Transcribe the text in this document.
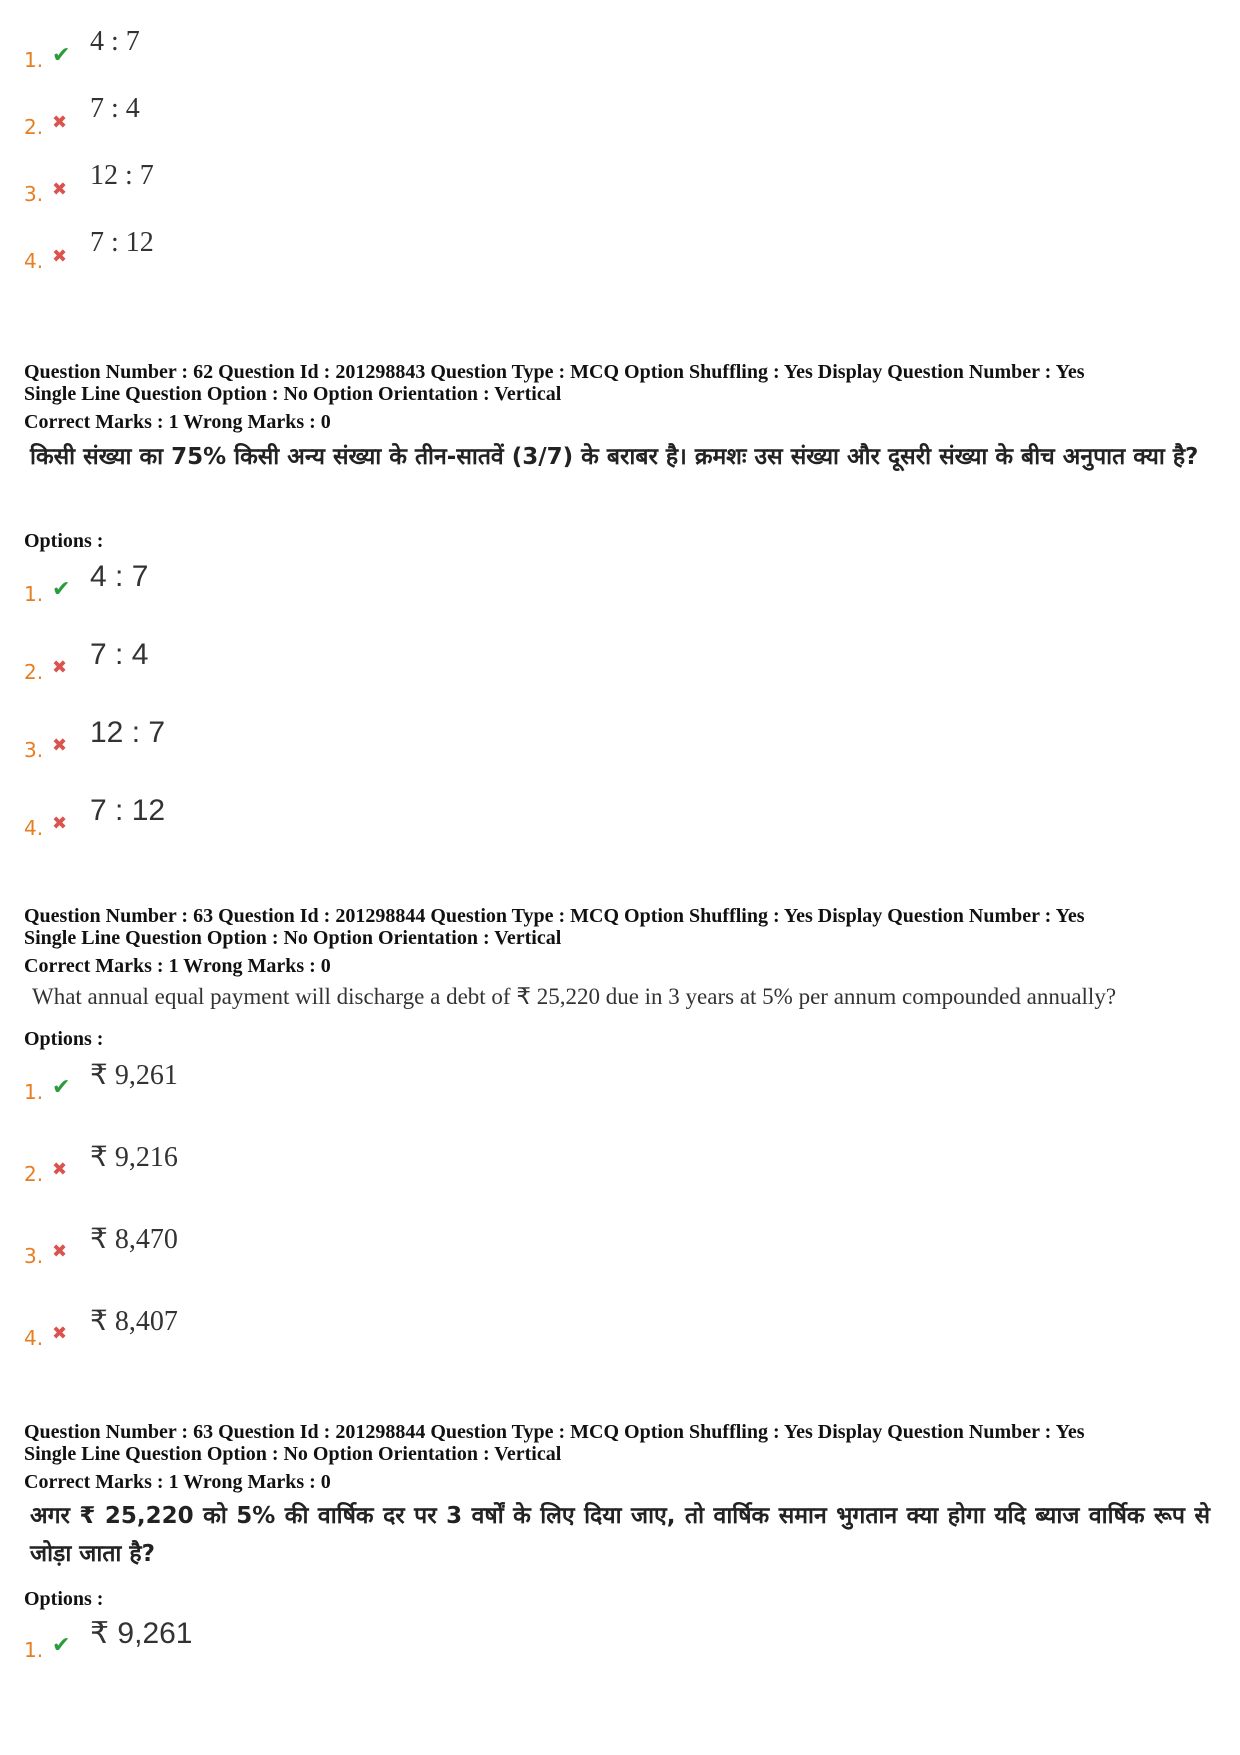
1. ✔ 4 : 7
2. ✖ 7 : 4
3. ✖ 12 : 7
4. ✖ 7 : 12
Question Number : 62 Question Id : 201298843 Question Type : MCQ Option Shuffling : Yes Display Question Number : Yes
Single Line Question Option : No Option Orientation : Vertical
Correct Marks : 1 Wrong Marks : 0
किसी संख्या का 75% किसी अन्य संख्या के तीन-सातवें (3/7) के बराबर है। क्रमशः उस संख्या और दूसरी संख्या के बीच अनुपात क्या है?
Options :
1. ✔ 4 : 7
2. ✖ 7 : 4
3. ✖ 12 : 7
4. ✖ 7 : 12
Question Number : 63 Question Id : 201298844 Question Type : MCQ Option Shuffling : Yes Display Question Number : Yes
Single Line Question Option : No Option Orientation : Vertical
Correct Marks : 1 Wrong Marks : 0
What annual equal payment will discharge a debt of ₹ 25,220 due in 3 years at 5% per annum compounded annually?
Options :
1. ✔ ₹ 9,261
2. ✖ ₹ 9,216
3. ✖ ₹ 8,470
4. ✖ ₹ 8,407
Question Number : 63 Question Id : 201298844 Question Type : MCQ Option Shuffling : Yes Display Question Number : Yes
Single Line Question Option : No Option Orientation : Vertical
Correct Marks : 1 Wrong Marks : 0
अगर ₹ 25,220 को 5% की वार्षिक दर पर 3 वर्षों के लिए दिया जाए, तो वार्षिक समान भुगतान क्या होगा यदि ब्याज वार्षिक रूप से जोड़ा जाता है?
Options :
1. ✔ ₹ 9,261
